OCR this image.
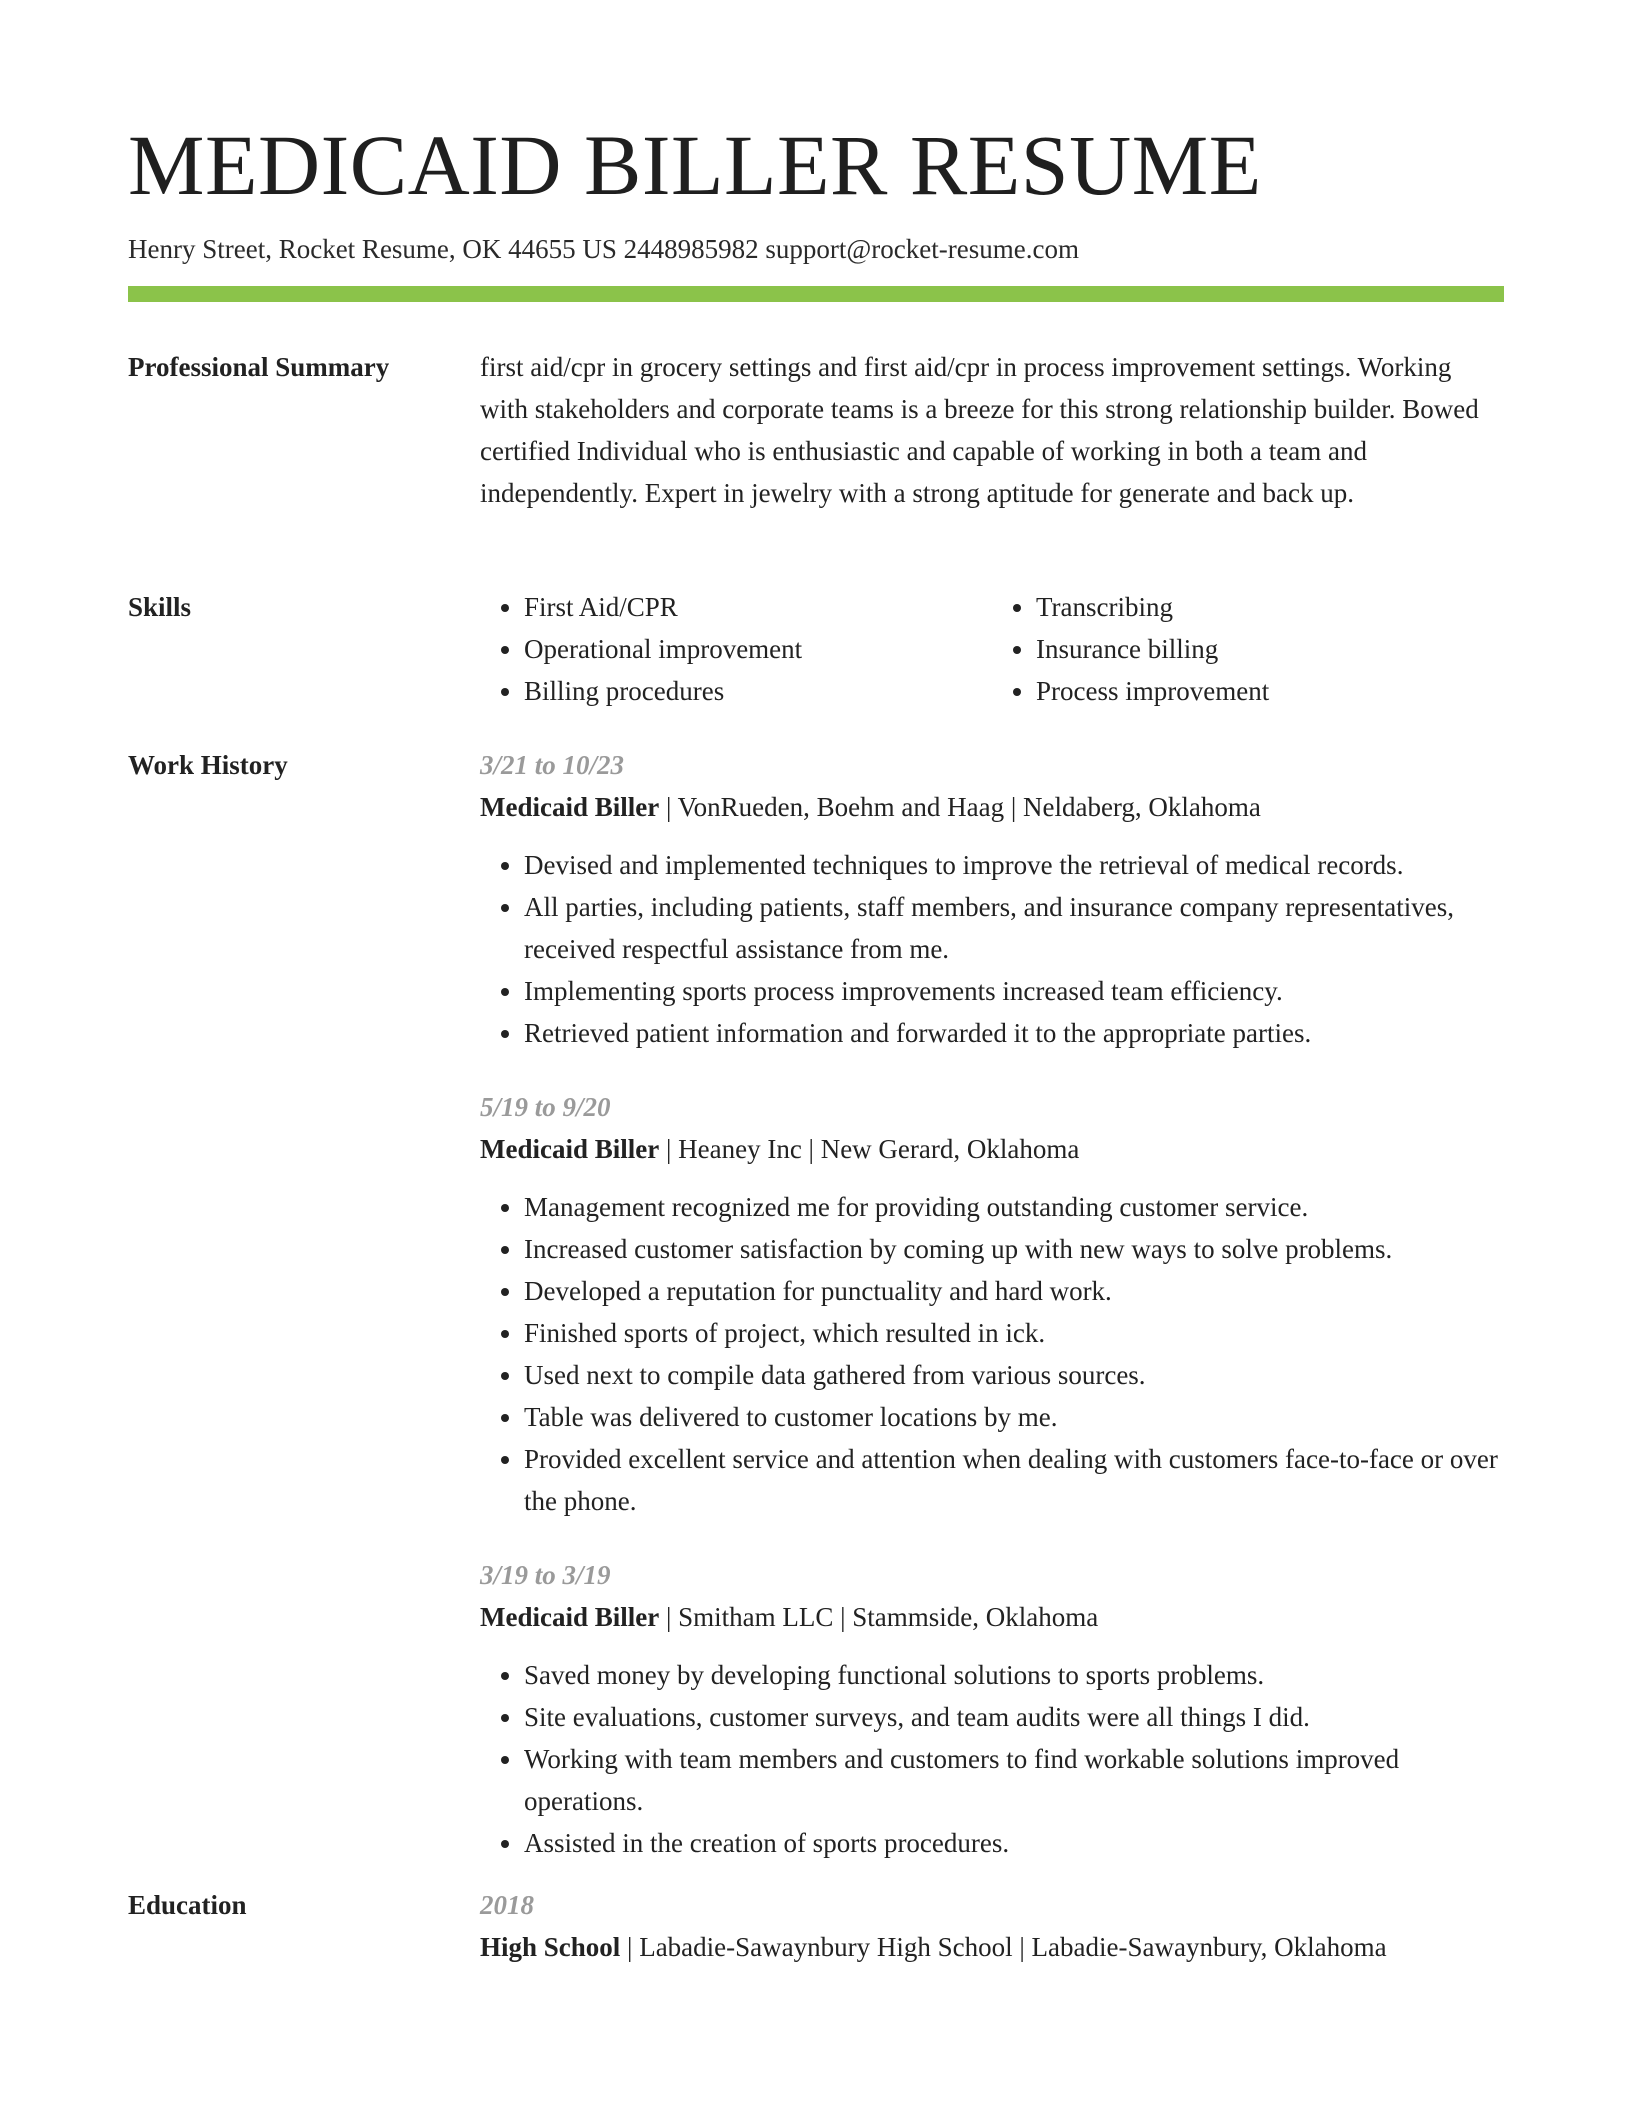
MEDICAID BILLER RESUME
Henry Street, Rocket Resume, OK 44655 US 2448985982 support@rocket-resume.com
Professional Summary	first aid/cpr in grocery settings and first aid/cpr in process improvement settings. Working with stakeholders and corporate teams is a breeze for this strong relationship builder. Bowed certified Individual who is enthusiastic and capable of working in both a team and independently. Expert in jewelry with a strong aptitude for generate and back up.

Skills
•	First Aid/CPR
• Operational improvement
• Billing procedures
• Transcribing
• Insurance billing
• Process improvement
Work History	3/21 to 10/23
Medicaid Biller | VonRueden, Boehm and Haag | Neldaberg, Oklahoma
• Devised and implemented techniques to improve the retrieval of medical records.
• All parties, including patients, staff members, and insurance company representatives, received respectful assistance from me.
• Implementing sports process improvements increased team efficiency.
• Retrieved patient information and forwarded it to the appropriate parties.
5/19 to 9/20
Medicaid Biller | Heaney Inc | New Gerard, Oklahoma
• Management recognized me for providing outstanding customer service.
• Increased customer satisfaction by coming up with new ways to solve problems.
• Developed a reputation for punctuality and hard work.
• Finished sports of project, which resulted in ick.
• Used next to compile data gathered from various sources.
• Table was delivered to customer locations by me.
• Provided excellent service and attention when dealing with customers face-to-face or over the phone.
3/19 to 3/19
Medicaid Biller | Smitham LLC | Stammside, Oklahoma
• Saved money by developing functional solutions to sports problems.
• Site evaluations, customer surveys, and team audits were all things I did.
• Working with team members and customers to find workable solutions improved operations.
• Assisted in the creation of sports procedures.
Education	2018
High School | Labadie-Sawaynbury High School | Labadie-Sawaynbury, Oklahoma
